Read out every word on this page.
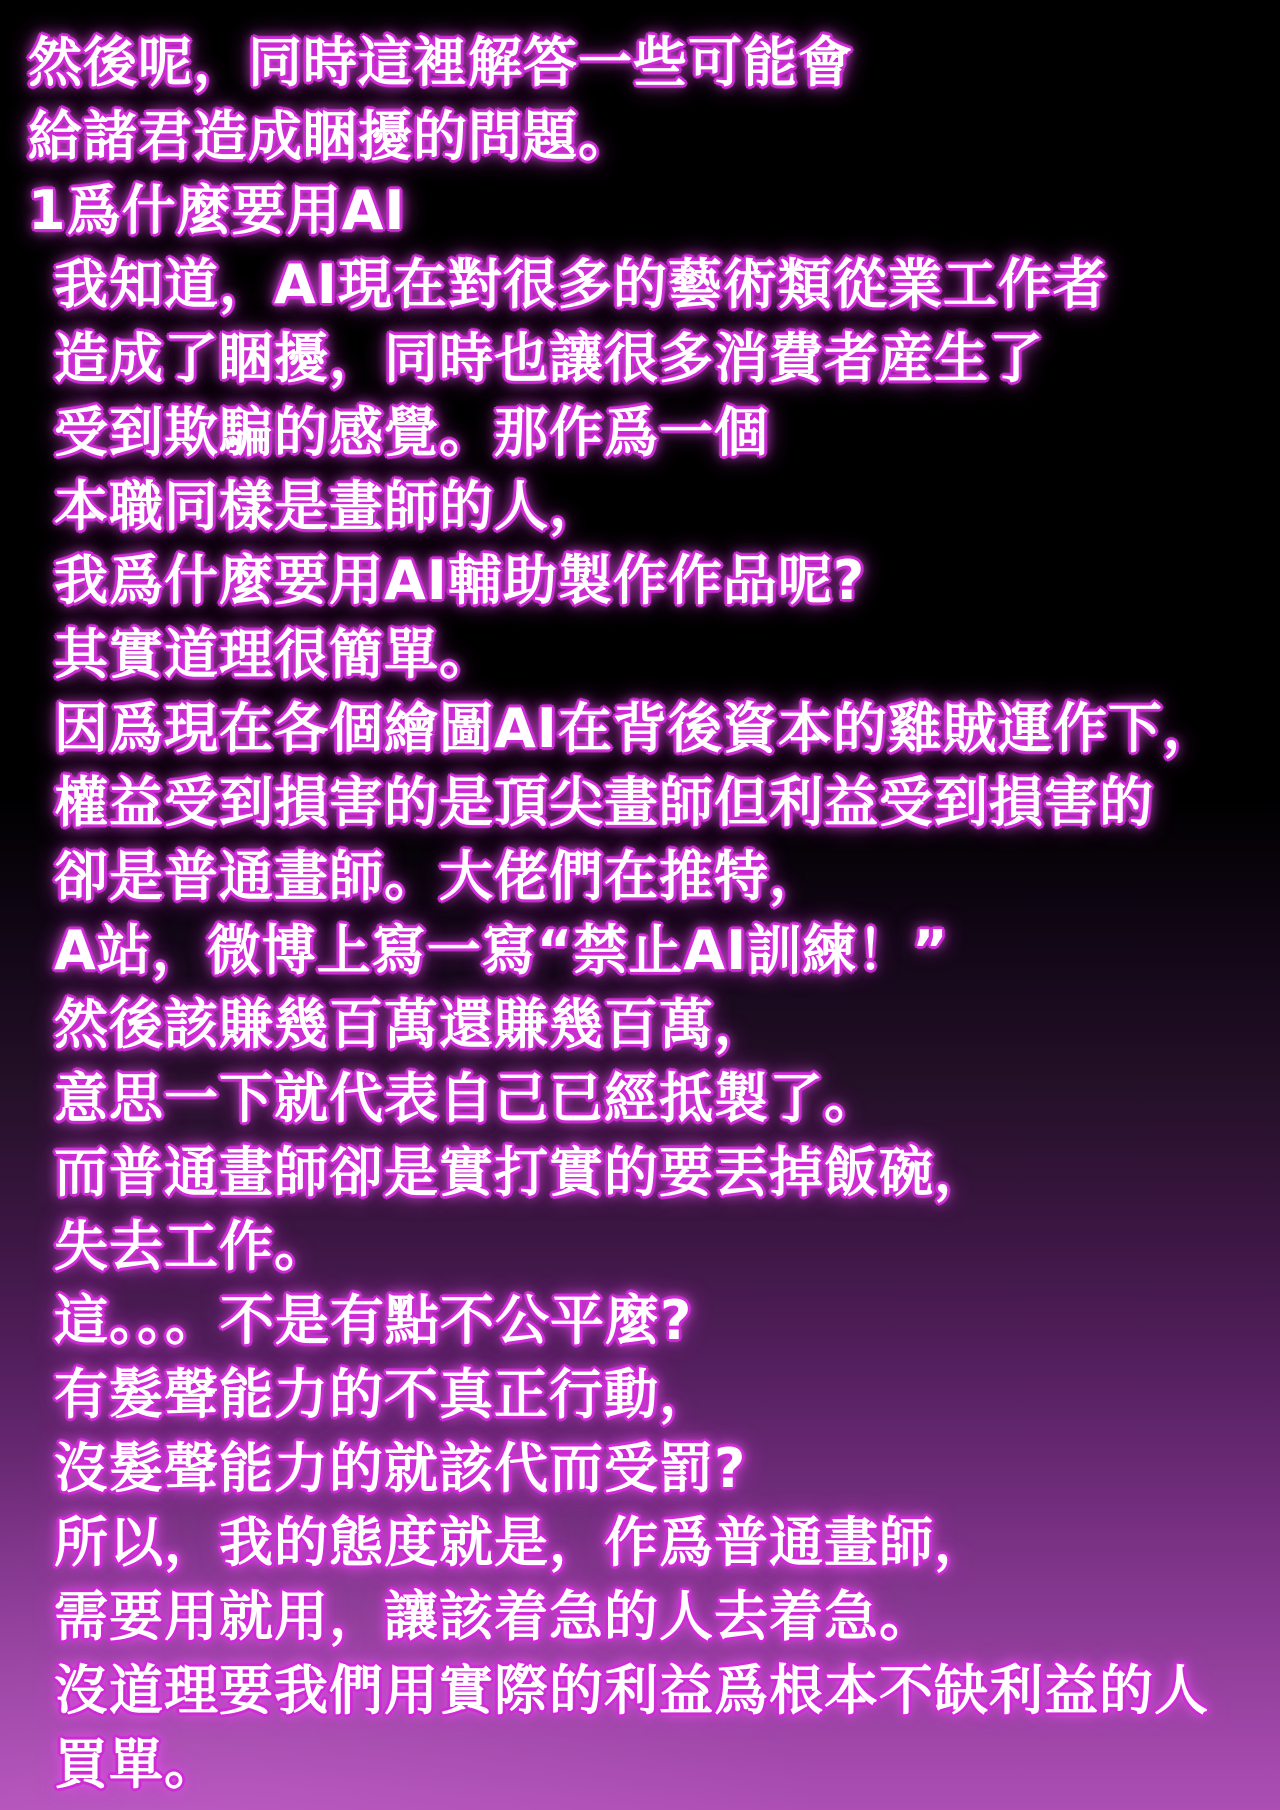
然後呢，同時這裡解答一些可能會
給諸君造成睏擾的問題。
1爲什麼要用AI
我知道，AI現在對很多的藝術類從業工作者
造成了睏擾，同時也讓很多消費者産生了
受到欺騙的感覺。那作爲一個
本職同樣是畫師的人，
我爲什麼要用AI輔助製作作品呢?
其實道理很簡單。
因爲現在各個繪圖AI在背後資本的雞賊運作下，
權益受到損害的是頂尖畫師但利益受到損害的
卻是普通畫師。大佬們在推特，
A站，微博上寫一寫“禁止AI訓練！”
然後該賺幾百萬還賺幾百萬，
意思一下就代表自己已經抵製了。
而普通畫師卻是實打實的要丟掉飯碗，
失去工作。
這。。。不是有點不公平麼?
有髮聲能力的不真正行動，
沒髮聲能力的就該代而受罰?
所以，我的態度就是，作爲普通畫師，
需要用就用，讓該着急的人去着急。
沒道理要我們用實際的利益爲根本不缺利益的人
買單。
